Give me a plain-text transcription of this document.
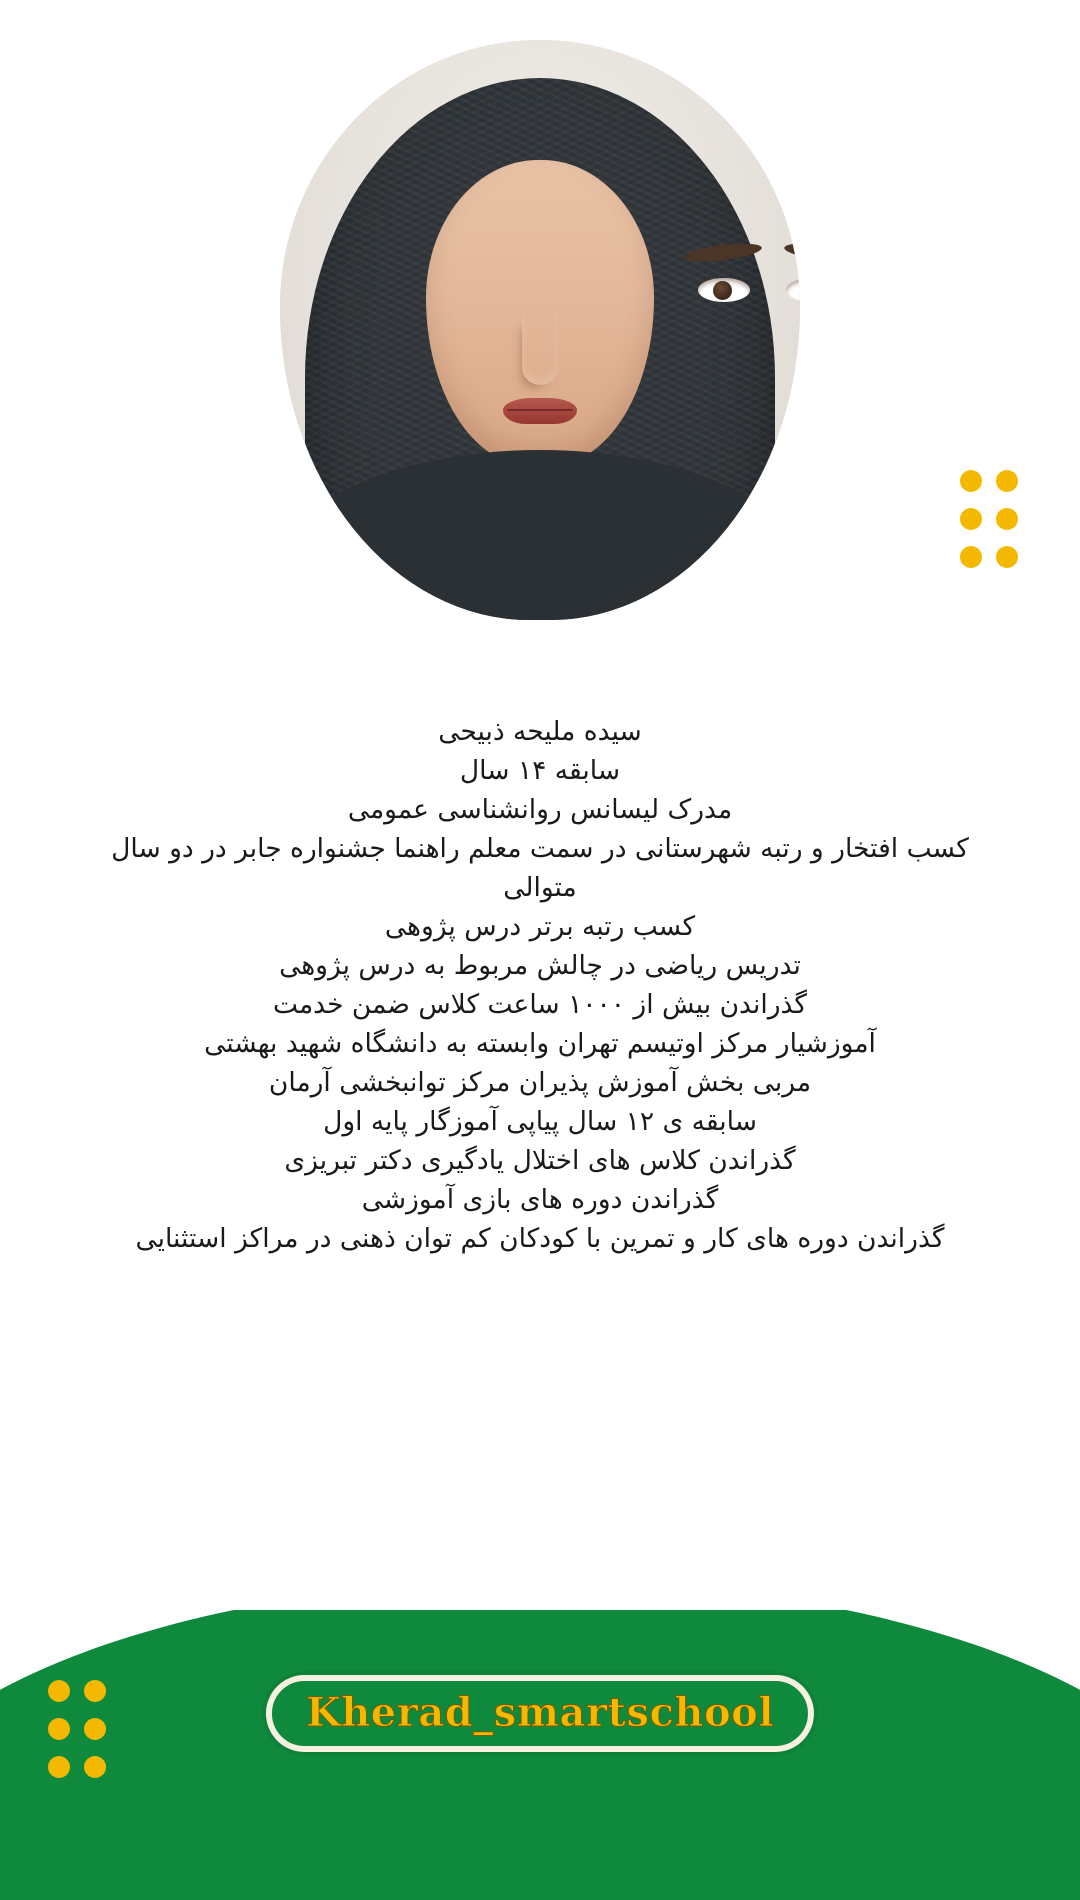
سیده ملیحه ذبیحی
سابقه ۱۴ سال
مدرک لیسانس روانشناسی عمومی
کسب افتخار و رتبه شهرستانی در سمت معلم راهنما جشنواره جابر در دو سال متوالی
کسب رتبه برتر درس پژوهی
تدریس ریاضی در چالش مربوط به درس پژوهی
گذراندن بیش از ۱۰۰۰ ساعت کلاس ضمن خدمت
آموزشیار مرکز اوتیسم تهران وابسته به دانشگاه شهید بهشتی
مربی بخش آموزش پذیران مرکز توانبخشی آرمان
سابقه ی ۱۲ سال پیاپی آموزگار پایه اول
گذراندن کلاس های اختلال یادگیری دکتر تبریزی
گذراندن دوره های بازی آموزشی
گذراندن دوره های کار و تمرین با کودکان کم توان ذهنی در مراکز استثنایی
Kherad_smartschool
